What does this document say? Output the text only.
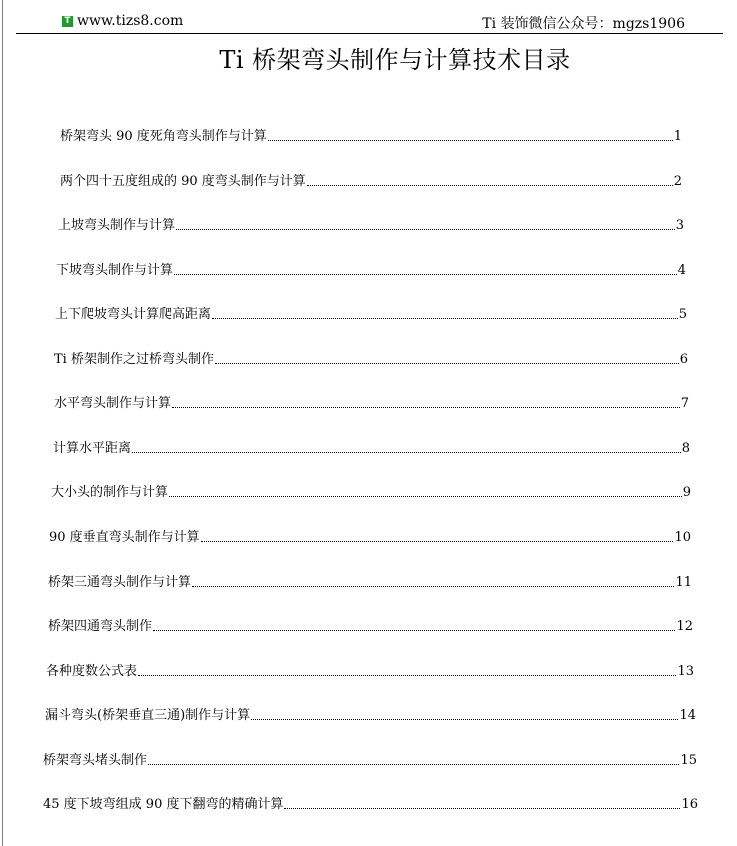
T www.tizs8.com	Ti 装饰微信公众号：mgzs1906
Ti 桥架弯头制作与计算技术目录
桥架弯头 90 度死角弯头制作与计算	1
两个四十五度组成的 90 度弯头制作与计算	2
上坡弯头制作与计算	3
下坡弯头制作与计算	4
上下爬坡弯头计算爬高距离	5
Ti 桥架制作之过桥弯头制作	6
水平弯头制作与计算	7
计算水平距离	8
大小头的制作与计算	9
90 度垂直弯头制作与计算	10
桥架三通弯头制作与计算	11
桥架四通弯头制作	12
各种度数公式表	13
漏斗弯头(桥架垂直三通)制作与计算	14
桥架弯头堵头制作	15
45 度下坡弯组成 90 度下翻弯的精确计算	16
